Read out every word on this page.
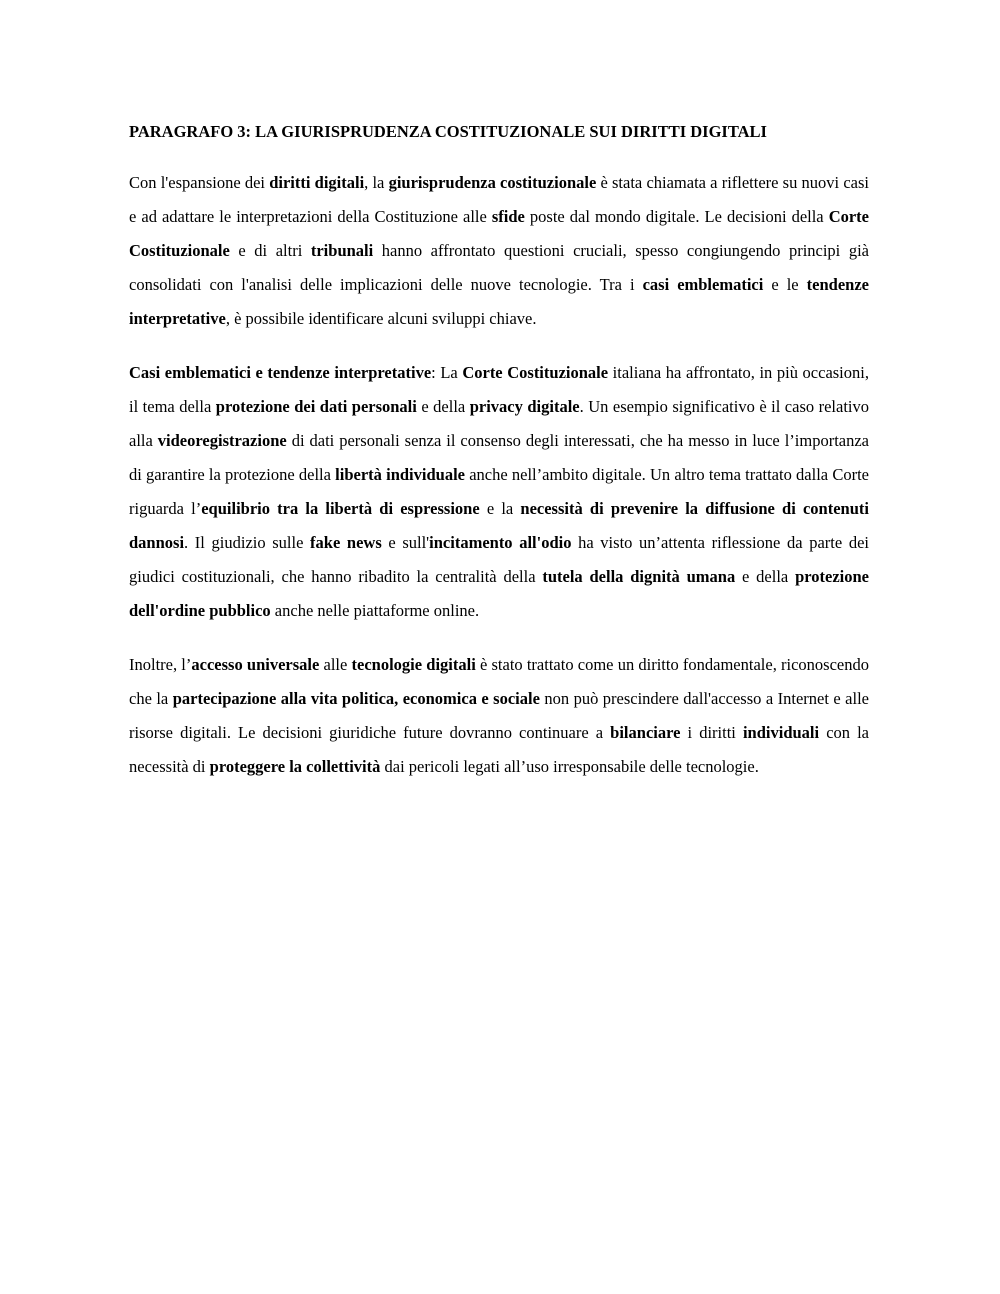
PARAGRAFO 3: LA GIURISPRUDENZA COSTITUZIONALE SUI DIRITTI DIGITALI

Con l'espansione dei diritti digitali, la giurisprudenza costituzionale è stata chiamata a riflettere su nuovi casi e ad adattare le interpretazioni della Costituzione alle sfide poste dal mondo digitale. Le decisioni della Corte Costituzionale e di altri tribunali hanno affrontato questioni cruciali, spesso congiungendo principi già consolidati con l'analisi delle implicazioni delle nuove tecnologie. Tra i casi emblematici e le tendenze interpretative, è possibile identificare alcuni sviluppi chiave.

Casi emblematici e tendenze interpretative: La Corte Costituzionale italiana ha affrontato, in più occasioni, il tema della protezione dei dati personali e della privacy digitale. Un esempio significativo è il caso relativo alla videoregistrazione di dati personali senza il consenso degli interessati, che ha messo in luce l’importanza di garantire la protezione della libertà individuale anche nell’ambito digitale. Un altro tema trattato dalla Corte riguarda l’equilibrio tra la libertà di espressione e la necessità di prevenire la diffusione di contenuti dannosi. Il giudizio sulle fake news e sull'incitamento all'odio ha visto un’attenta riflessione da parte dei giudici costituzionali, che hanno ribadito la centralità della tutela della dignità umana e della protezione dell'ordine pubblico anche nelle piattaforme online.

Inoltre, l’accesso universale alle tecnologie digitali è stato trattato come un diritto fondamentale, riconoscendo che la partecipazione alla vita politica, economica e sociale non può prescindere dall'accesso a Internet e alle risorse digitali. Le decisioni giuridiche future dovranno continuare a bilanciare i diritti individuali con la necessità di proteggere la collettività dai pericoli legati all’uso irresponsabile delle tecnologie.
